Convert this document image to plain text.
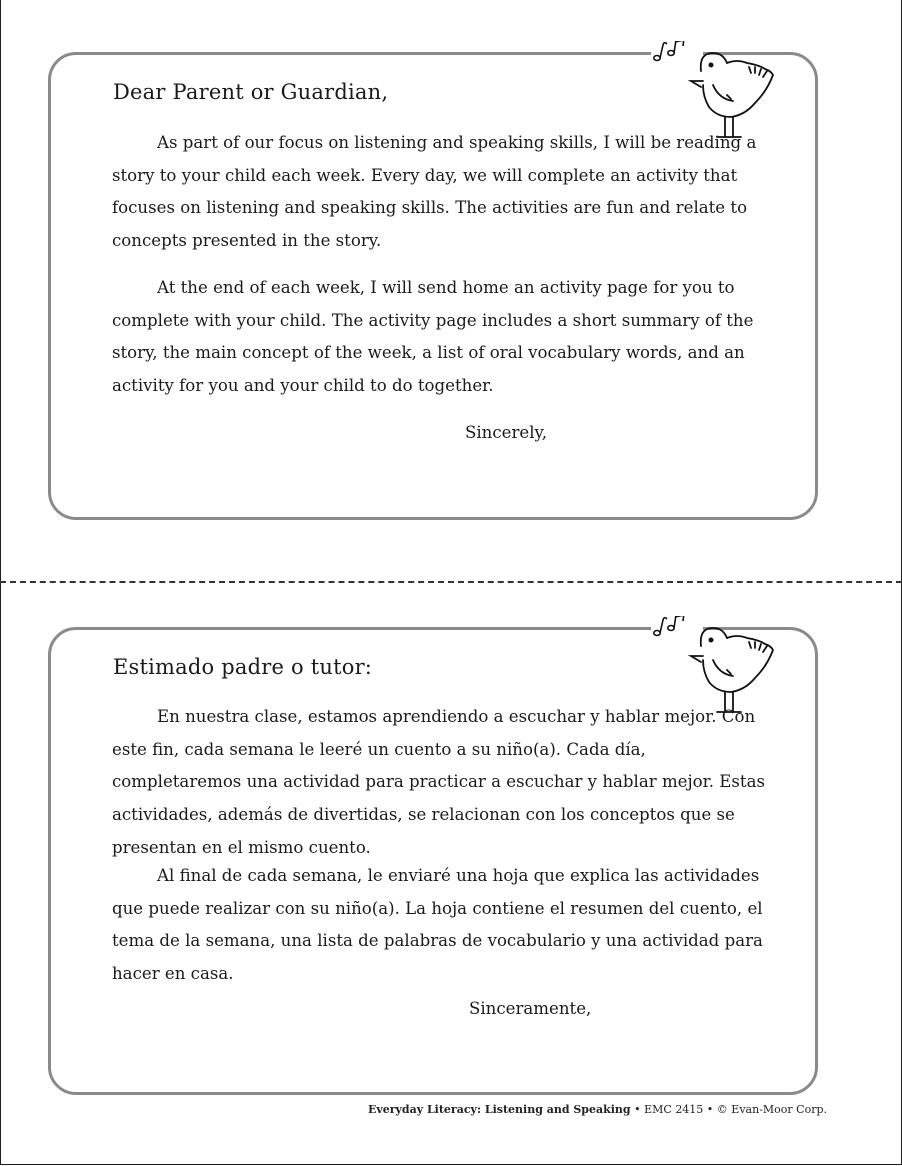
Dear Parent or Guardian,

As part of our focus on listening and speaking skills, I will be reading a story to your child each week. Every day, we will complete an activity that focuses on listening and speaking skills. The activities are fun and relate to concepts presented in the story.

At the end of each week, I will send home an activity page for you to complete with your child. The activity page includes a short summary of the story, the main concept of the week, a list of oral vocabulary words, and an activity for you and your child to do together.

Sincerely,

Estimado padre o tutor:

En nuestra clase, estamos aprendiendo a escuchar y hablar mejor. Con este fin, cada semana le leeré un cuento a su niño(a). Cada día, completaremos una actividad para practicar a escuchar y hablar mejor. Estas actividades, además de divertidas, se relacionan con los conceptos que se presentan en el mismo cuento.

Al final de cada semana, le enviaré una hoja que explica las actividades que puede realizar con su niño(a). La hoja contiene el resumen del cuento, el tema de la semana, una lista de palabras de vocabulario y una actividad para hacer en casa.

Sinceramente,

Everyday Literacy: Listening and Speaking • EMC 2415 • © Evan-Moor Corp.
